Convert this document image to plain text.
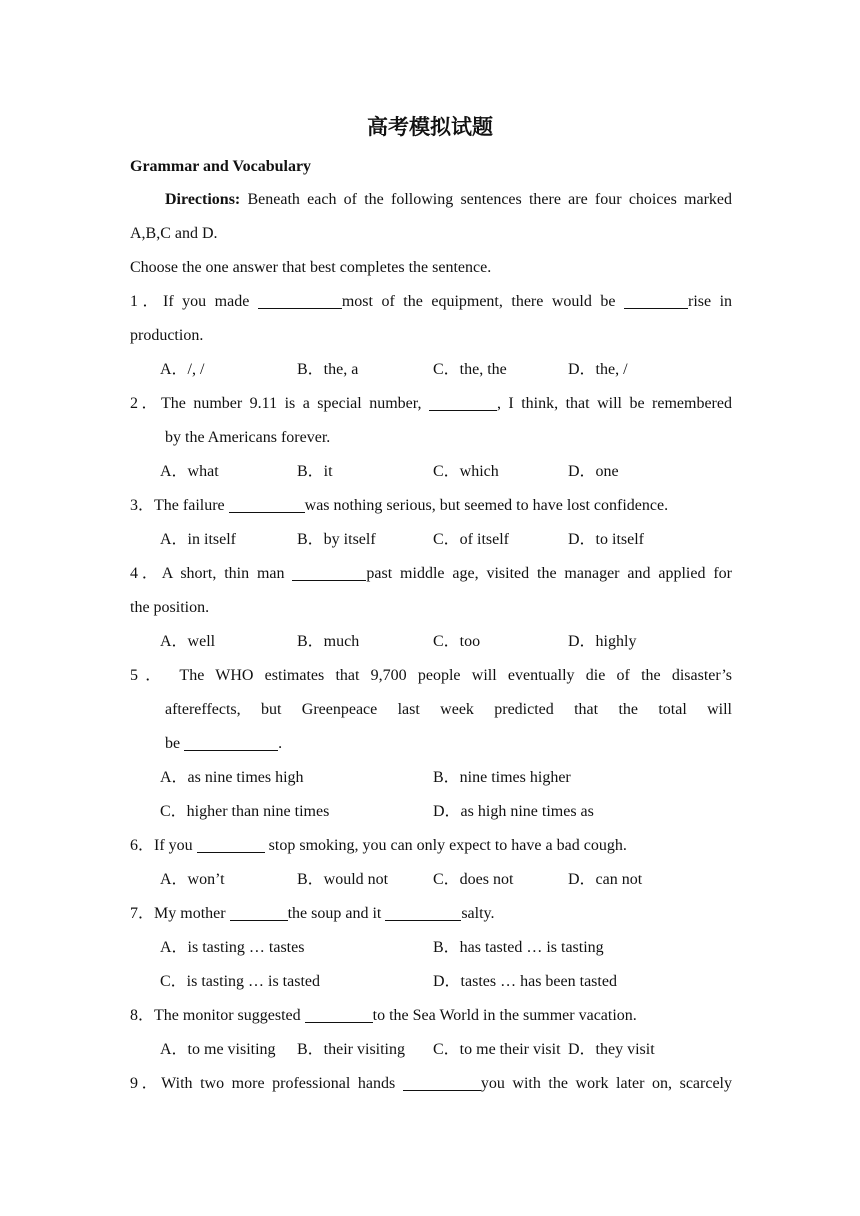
高考模拟试题
Grammar and Vocabulary
Directions: Beneath each of the following sentences there are four choices marked
A,B,C and D.
Choose the one answer that best completes the sentence.
1．If you made	most of the equipment, there would be	rise in
production.
A．/, /	B．the, a	C．the, the	D．the, /
2．The number 9.11 is a special number,	, I think, that will be remembered
by the Americans forever.
A．what	B．it	C．which	D．one
3．The failure	was nothing serious, but seemed to have lost confidence.
A．in itself	B．by itself	C．of itself	D．to itself
4．A short, thin man	past middle age, visited the manager and applied for
the position.
A．well	B．much	C．too	D．highly
5． The WHO estimates that 9,700 people will eventually die of the disaster’s
aftereffects, but Greenpeace last week predicted that the total will
be	.
A．as nine times high	B．nine times higher
C．higher than nine times	D．as high nine times as
6．If you	stop smoking, you can only expect to have a bad cough.
A．won’t	B．would not	C．does not	D．can not
7．My mother	the soup and it	salty.
A．is tasting … tastes	B．has tasted … is tasting
C．is tasting … is tasted	D．tastes … has been tasted
8．The monitor suggested	to the Sea World in the summer vacation.
A．to me visiting B．their visiting C．to me their visit D．they visit
9．With two more professional hands	you with the work later on, scarcely
